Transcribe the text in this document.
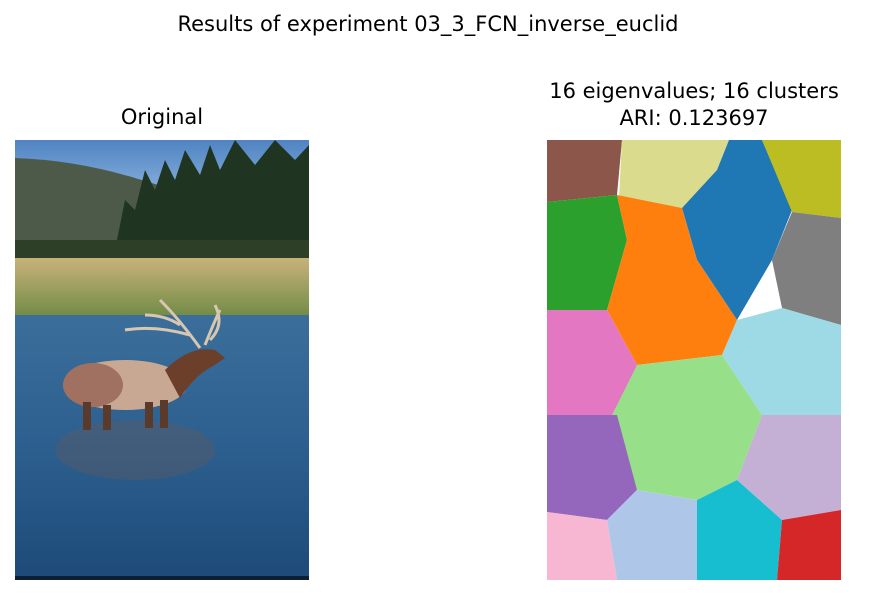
Results of experiment 03_3_FCN_inverse_euclid
Original
16 eigenvalues; 16 clusters
ARI: 0.123697
